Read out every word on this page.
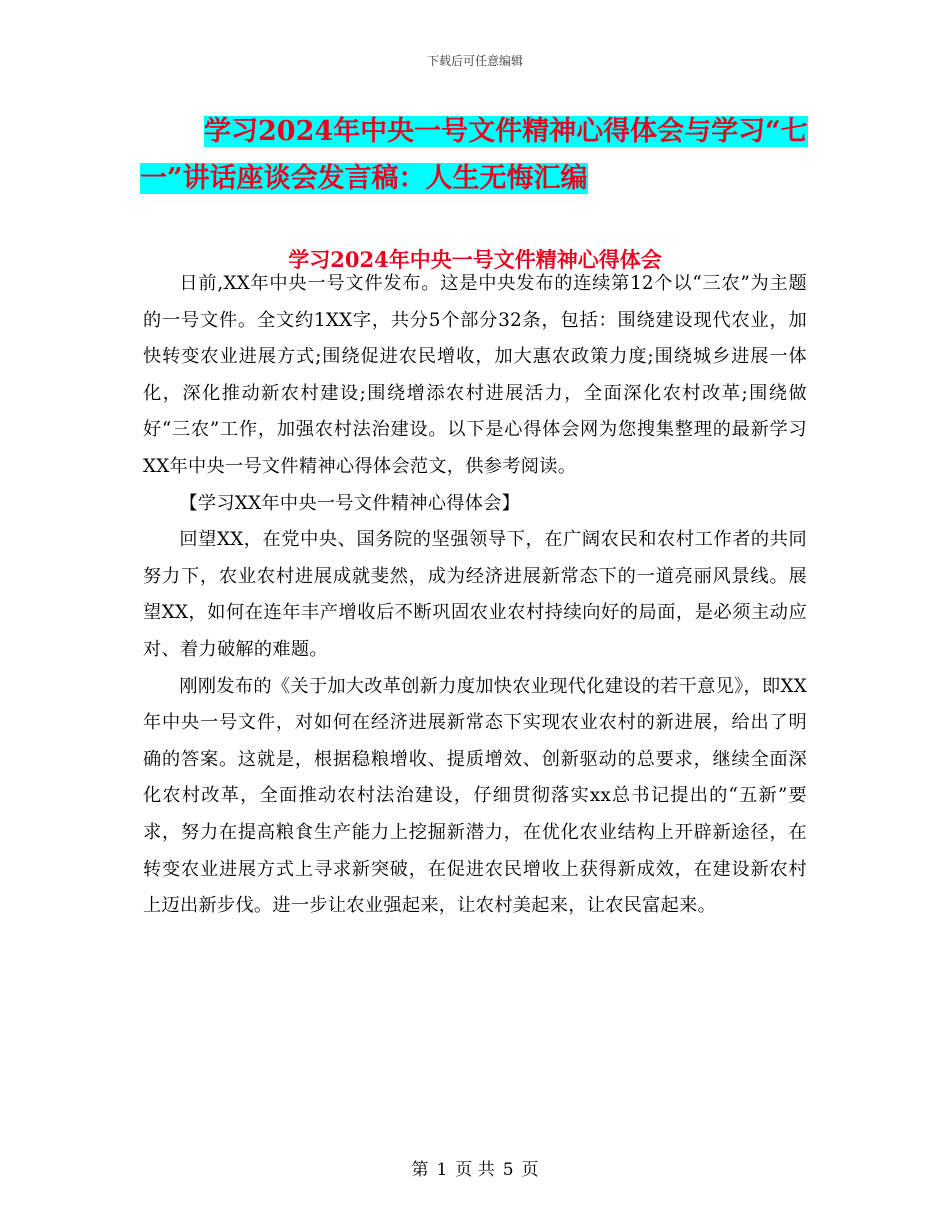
下载后可任意编辑
学习2024年中央一号文件精神心得体会与学习“七
一”讲话座谈会发言稿：人生无悔汇编
学习2024年中央一号文件精神心得体会

日前,XX年中央一号文件发布。这是中央发布的连续第12个以“三农”为主题的一号文件。全文约1XX字，共分5个部分32条，包括：围绕建设现代农业，加快转变农业进展方式;围绕促进农民增收，加大惠农政策力度;围绕城乡进展一体化，深化推动新农村建设;围绕增添农村进展活力，全面深化农村改革;围绕做好“三农”工作，加强农村法治建设。以下是心得体会网为您搜集整理的最新学习XX年中央一号文件精神心得体会范文，供参考阅读。

【学习XX年中央一号文件精神心得体会】

回望XX，在党中央、国务院的坚强领导下，在广阔农民和农村工作者的共同努力下，农业农村进展成就斐然，成为经济进展新常态下的一道亮丽风景线。展望XX，如何在连年丰产增收后不断巩固农业农村持续向好的局面，是必须主动应对、着力破解的难题。

刚刚发布的《关于加大改革创新力度加快农业现代化建设的若干意见》，即XX年中央一号文件，对如何在经济进展新常态下实现农业农村的新进展，给出了明确的答案。这就是，根据稳粮增收、提质增效、创新驱动的总要求，继续全面深化农村改革，全面推动农村法治建设，仔细贯彻落实xx总书记提出的“五新”要求，努力在提高粮食生产能力上挖掘新潜力，在优化农业结构上开辟新途径，在转变农业进展方式上寻求新突破，在促进农民增收上获得新成效，在建设新农村上迈出新步伐。进一步让农业强起来，让农村美起来，让农民富起来。

第 1 页 共 5 页
